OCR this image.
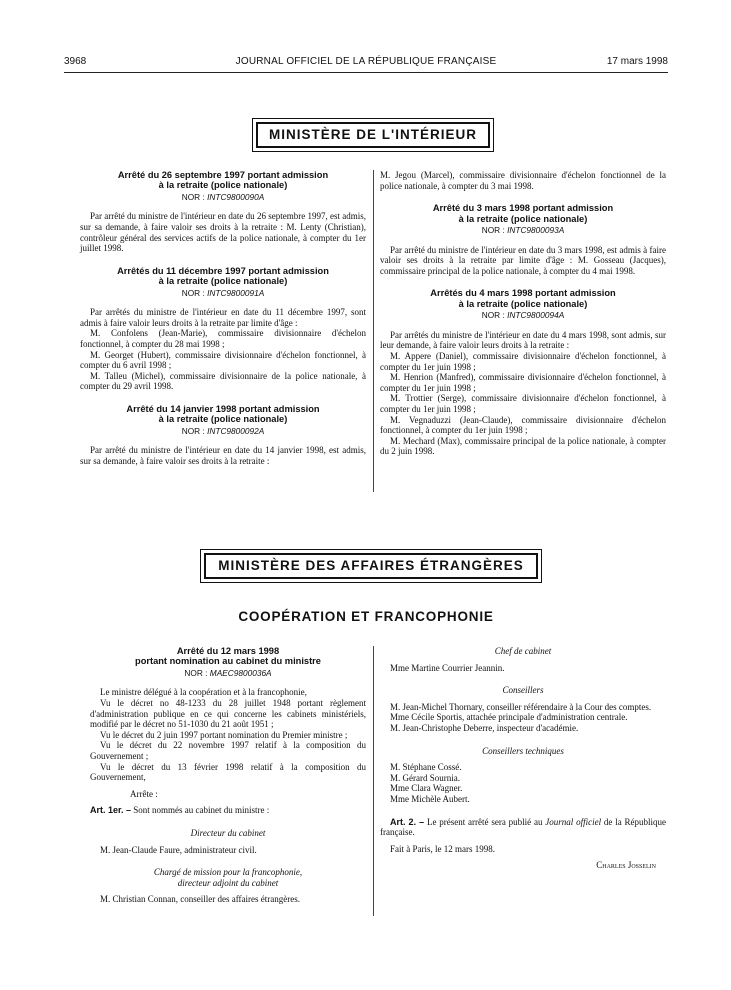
3968	JOURNAL OFFICIEL DE LA RÉPUBLIQUE FRANÇAISE	17 mars 1998
MINISTÈRE DE L'INTÉRIEUR

Arrêté du 26 septembre 1997 portant admission
à la retraite (police nationale)

NOR : INTC9800090A

Par arrêté du ministre de l'intérieur en date du 26 septembre 1997, est admis, sur sa demande, à faire valoir ses droits à la retraite : M. Lenty (Christian), contrôleur général des services actifs de la police nationale, à compter du 1er juillet 1998.

Arrêtés du 11 décembre 1997 portant admission
à la retraite (police nationale)

NOR : INTC9800091A

Par arrêtés du ministre de l'intérieur en date du 11 décembre 1997, sont admis à faire valoir leurs droits à la retraite par limite d'âge :

M. Confolens (Jean-Marie), commissaire divisionnaire d'échelon fonctionnel, à compter du 28 mai 1998 ;

M. Georget (Hubert), commissaire divisionnaire d'échelon fonctionnel, à compter du 6 avril 1998 ;

M. Talleu (Michel), commissaire divisionnaire de la police nationale, à compter du 29 avril 1998.

Arrêté du 14 janvier 1998 portant admission
à la retraite (police nationale)

NOR : INTC9800092A

Par arrêté du ministre de l'intérieur en date du 14 janvier 1998, est admis, sur sa demande, à faire valoir ses droits à la retraite :

M. Jegou (Marcel), commissaire divisionnaire d'échelon fonctionnel de la police nationale, à compter du 3 mai 1998.

Arrêté du 3 mars 1998 portant admission
à la retraite (police nationale)

NOR : INTC9800093A

Par arrêté du ministre de l'intérieur en date du 3 mars 1998, est admis à faire valoir ses droits à la retraite par limite d'âge : M. Gosseau (Jacques), commissaire principal de la police nationale, à compter du 4 mai 1998.

Arrêtés du 4 mars 1998 portant admission
à la retraite (police nationale)

NOR : INTC9800094A

Par arrêtés du ministre de l'intérieur en date du 4 mars 1998, sont admis, sur leur demande, à faire valoir leurs droits à la retraite :

M. Appere (Daniel), commissaire divisionnaire d'échelon fonctionnel, à compter du 1er juin 1998 ;

M. Henrion (Manfred), commissaire divisionnaire d'échelon fonctionnel, à compter du 1er juin 1998 ;

M. Trottier (Serge), commissaire divisionnaire d'échelon fonctionnel, à compter du 1er juin 1998 ;

M. Vegnaduzzi (Jean-Claude), commissaire divisionnaire d'échelon fonctionnel, à compter du 1er juin 1998 ;

M. Mechard (Max), commissaire principal de la police nationale, à compter du 2 juin 1998.

MINISTÈRE DES AFFAIRES ÉTRANGÈRES
COOPÉRATION ET FRANCOPHONIE

Arrêté du 12 mars 1998
portant nomination au cabinet du ministre

NOR : MAEC9800036A

Le ministre délégué à la coopération et à la francophonie,

Vu le décret no 48-1233 du 28 juillet 1948 portant règlement d'administration publique en ce qui concerne les cabinets ministériels, modifié par le décret no 51-1030 du 21 août 1951 ;

Vu le décret du 2 juin 1997 portant nomination du Premier ministre ;

Vu le décret du 22 novembre 1997 relatif à la composition du Gouvernement ;

Vu le décret du 13 février 1998 relatif à la composition du Gouvernement,

Arrête :

Art. 1er. – Sont nommés au cabinet du ministre :

Directeur du cabinet

M. Jean-Claude Faure, administrateur civil.

Chargé de mission pour la francophonie,
directeur adjoint du cabinet

M. Christian Connan, conseiller des affaires étrangères.

Chef de cabinet

Mme Martine Courrier Jeannin.

Conseillers

M. Jean-Michel Thornary, conseiller référendaire à la Cour des comptes.

Mme Cécile Sportis, attachée principale d'administration centrale.

M. Jean-Christophe Deberre, inspecteur d'académie.

Conseillers techniques

M. Stéphane Cossé.

M. Gérard Sournia.

Mme Clara Wagner.

Mme Michèle Aubert.

Art. 2. – Le présent arrêté sera publié au Journal officiel de la République française.

Fait à Paris, le 12 mars 1998.

Charles Josselin
